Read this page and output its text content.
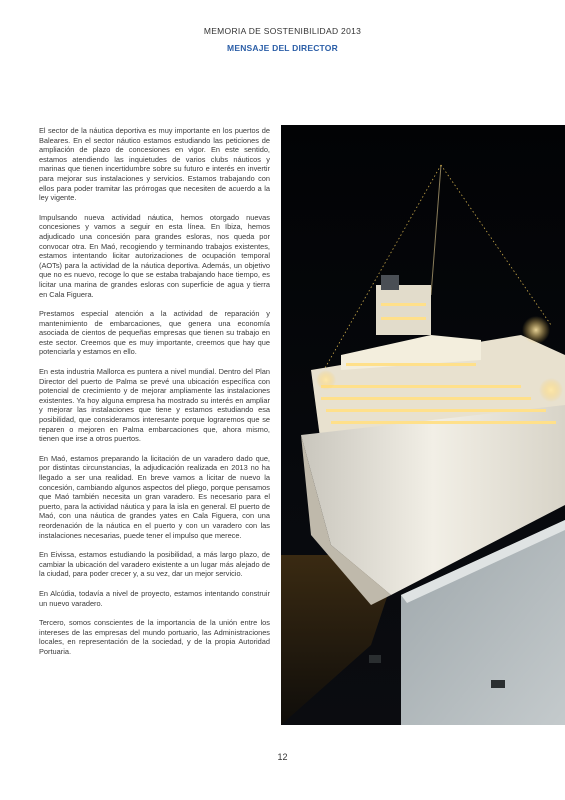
MEMORIA DE SOSTENIBILIDAD 2013
MENSAJE DEL DIRECTOR

El sector de la náutica deportiva es muy importante en los puertos de Baleares. En el sector náutico estamos estudiando las peticiones de ampliación de plazo de concesiones en vigor. En este sentido, estamos atendiendo las inquietudes de varios clubs náuticos y marinas que tienen incertidumbre sobre su futuro e interés en invertir para mejorar sus instalaciones y servicios. Estamos trabajando con ellos para poder tramitar las prórrogas que necesiten de acuerdo a la ley vigente.

Impulsando nueva actividad náutica, hemos otorgado nuevas concesiones y vamos a seguir en esta línea. En Ibiza, hemos adjudicado una concesión para grandes esloras, nos queda por convocar otra. En Maó, recogiendo y terminando trabajos existentes, estamos intentando licitar autorizaciones de ocupación temporal (AOTs) para la actividad de la náutica deportiva. Además, un objetivo que no es nuevo, recoge lo que se estaba trabajando hace tiempo, es licitar una marina de grandes esloras con superficie de agua y tierra en Cala Figuera.

Prestamos especial atención a la actividad de reparación y mantenimiento de embarcaciones, que genera una economía asociada de cientos de pequeñas empresas que tienen su trabajo en este sector. Creemos que es muy importante, creemos que hay que potenciarla y estamos en ello.

En esta industria Mallorca es puntera a nivel mundial. Dentro del Plan Director del puerto de Palma se prevé una ubicación específica con potencial de crecimiento y de mejorar ampliamente las instalaciones existentes. Ya hoy alguna empresa ha mostrado su interés en ampliar y mejorar las instalaciones que tiene y estamos estudiando esa posibilidad, que consideramos interesante porque lograremos que se reparen o mejoren en Palma embarcaciones que, ahora mismo, tienen que irse a otros puertos.

En Maó, estamos preparando la licitación de un varadero dado que, por distintas circunstancias, la adjudicación realizada en 2013 no ha llegado a ser una realidad. En breve vamos a licitar de nuevo la concesión, cambiando algunos aspectos del pliego, porque pensamos que Maó también necesita un gran varadero. Es necesario para el puerto, para la actividad náutica y para la isla en general. El puerto de Maó, con una náutica de grandes yates en Cala Figuera, con una reordenación de la náutica en el puerto y con un varadero con las instalaciones necesarias, puede tener el impulso que merece.

En Eivissa, estamos estudiando la posibilidad, a más largo plazo, de cambiar la ubicación del varadero existente a un lugar más alejado de la ciudad, para poder crecer y, a su vez, dar un mejor servicio.

En Alcúdia, todavía a nivel de proyecto, estamos intentando construir un nuevo varadero.

Tercero, somos conscientes de la importancia de la unión entre los intereses de las empresas del mundo portuario, las Administraciones locales, en representación de la sociedad, y de la propia Autoridad Portuaria.

12
